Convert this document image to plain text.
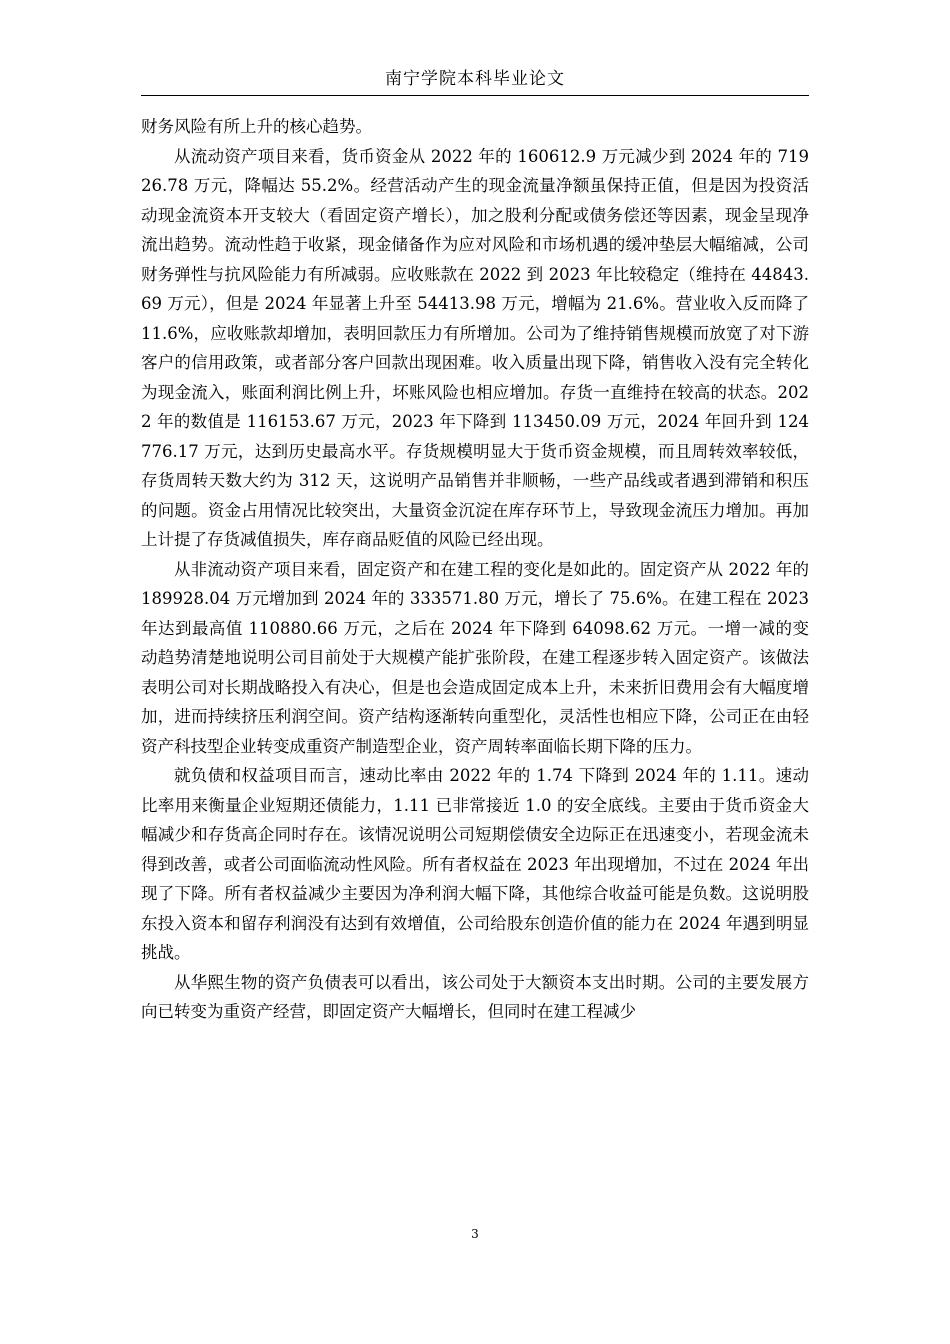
南宁学院本科毕业论文

财务风险有所上升的核心趋势。

从流动资产项目来看，货币资金从 2022 年的 160612.9 万元减少到 2024 年的 71926.78 万元，降幅达 55.2%。经营活动产生的现金流量净额虽保持正值，但是因为投资活动现金流资本开支较大（看固定资产增长），加之股利分配或债务偿还等因素，现金呈现净流出趋势。流动性趋于收紧，现金储备作为应对风险和市场机遇的缓冲垫层大幅缩减，公司财务弹性与抗风险能力有所减弱。应收账款在 2022 到 2023 年比较稳定（维持在 44843.69 万元），但是 2024 年显著上升至 54413.98 万元，增幅为 21.6%。营业收入反而降了 11.6%，应收账款却增加，表明回款压力有所增加。公司为了维持销售规模而放宽了对下游客户的信用政策，或者部分客户回款出现困难。收入质量出现下降，销售收入没有完全转化为现金流入，账面利润比例上升，坏账风险也相应增加。存货一直维持在较高的状态。2022 年的数值是 116153.67 万元，2023 年下降到 113450.09 万元，2024 年回升到 124776.17 万元，达到历史最高水平。存货规模明显大于货币资金规模，而且周转效率较低，存货周转天数大约为 312 天，这说明产品销售并非顺畅，一些产品线或者遇到滞销和积压的问题。资金占用情况比较突出，大量资金沉淀在库存环节上，导致现金流压力增加。再加上计提了存货减值损失，库存商品贬值的风险已经出现。

从非流动资产项目来看，固定资产和在建工程的变化是如此的。固定资产从 2022 年的 189928.04 万元增加到 2024 年的 333571.80 万元，增长了 75.6%。在建工程在 2023 年达到最高值 110880.66 万元，之后在 2024 年下降到 64098.62 万元。一增一减的变动趋势清楚地说明公司目前处于大规模产能扩张阶段，在建工程逐步转入固定资产。该做法表明公司对长期战略投入有决心，但是也会造成固定成本上升，未来折旧费用会有大幅度增加，进而持续挤压利润空间。资产结构逐渐转向重型化，灵活性也相应下降，公司正在由轻资产科技型企业转变成重资产制造型企业，资产周转率面临长期下降的压力。

就负债和权益项目而言，速动比率由 2022 年的 1.74 下降到 2024 年的 1.11。速动比率用来衡量企业短期还债能力，1.11 已非常接近 1.0 的安全底线。主要由于货币资金大幅减少和存货高企同时存在。该情况说明公司短期偿债安全边际正在迅速变小，若现金流未得到改善，或者公司面临流动性风险。所有者权益在 2023 年出现增加，不过在 2024 年出现了下降。所有者权益减少主要因为净利润大幅下降，其他综合收益可能是负数。这说明股东投入资本和留存利润没有达到有效增值，公司给股东创造价值的能力在 2024 年遇到明显挑战。

从华熙生物的资产负债表可以看出，该公司处于大额资本支出时期。公司的主要发展方向已转变为重资产经营，即固定资产大幅增长，但同时在建工程减少

3
